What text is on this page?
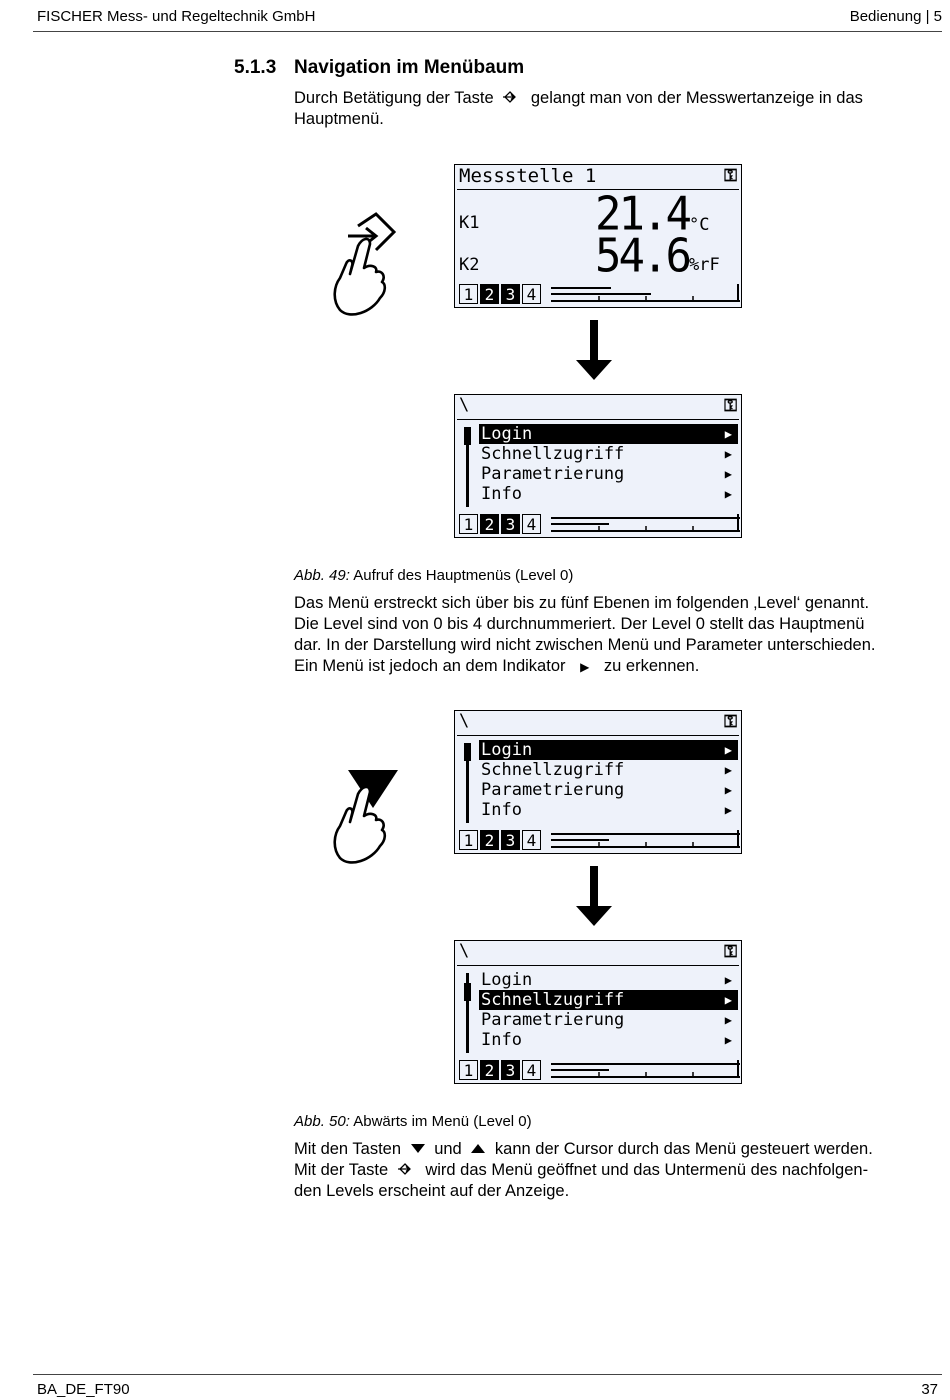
FISCHER Mess- und Regeltechnik GmbH	Bedienung | 5
5.1.3 Navigation im Menübaum
Durch Betätigung der Taste gelangt man von der Messwertanzeige in das Hauptmenü.
Messstelle 1	⚿
K1	21.4 °C
K2	54.6 %rF
1 2 3 4
\	⚿
Login	▶
Schnellzugriff	▶
Parametrierung	▶
Info	▶
1 2 3 4
Abb. 49: Aufruf des Hauptmenüs (Level 0)
Das Menü erstreckt sich über bis zu fünf Ebenen im folgenden ‚Level‘ genannt.
Die Level sind von 0 bis 4 durchnummeriert. Der Level 0 stellt das Hauptmenü
dar. In der Darstellung wird nicht zwischen Menü und Parameter unterschieden.
Ein Menü ist jedoch an dem Indikator ▶ zu erkennen.
\	⚿
Login	▶
Schnellzugriff	▶
Parametrierung	▶
Info	▶
1 2 3 4
\	⚿
Login	▶
Schnellzugriff	▶
Parametrierung	▶
Info	▶
1 2 3 4
Abb. 50: Abwärts im Menü (Level 0)
Mit den Tasten und kann der Cursor durch das Menü gesteuert werden.
Mit der Taste wird das Menü geöffnet und das Untermenü des nachfolgen-
den Levels erscheint auf der Anzeige.
BA_DE_FT90	37
